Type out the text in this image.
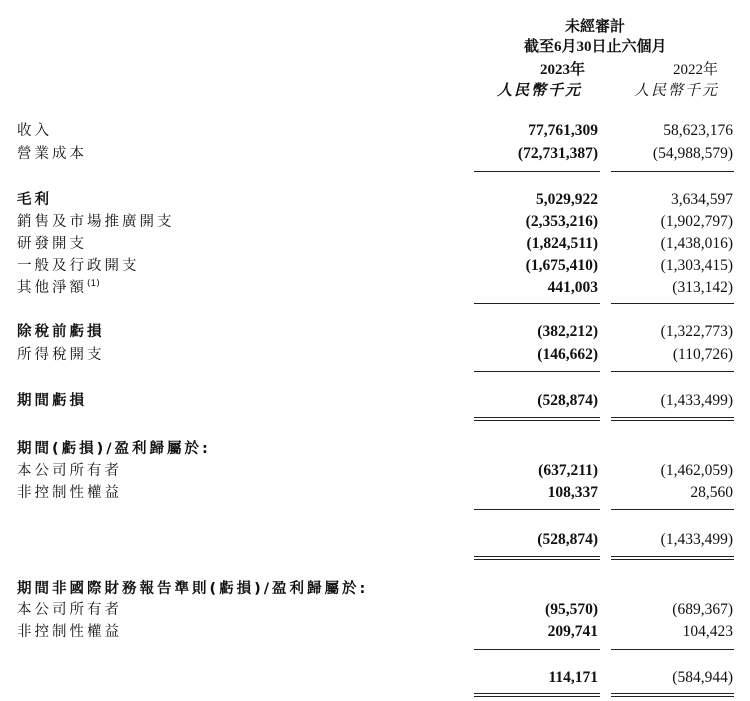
未經審計
截至6月30日止六個月
2023年	2022年
人民幣千元	人民幣千元
收入	77,761,309	58,623,176
營業成本	(72,731,387)	(54,988,579)
毛利	5,029,922	3,634,597
銷售及市場推廣開支	(2,353,216)	(1,902,797)
研發開支	(1,824,511)	(1,438,016)
一般及行政開支	(1,675,410)	(1,303,415)
其他淨額$^{(1)}$	441,003	(313,142)
除稅前虧損	(382,212)	(1,322,773)
所得稅開支	(146,662)	(110,726)
期間虧損	(528,874)	(1,433,499)
期間(虧損)/盈利歸屬於:
本公司所有者	(637,211)	(1,462,059)
非控制性權益	108,337	28,560
(528,874)	(1,433,499)
期間非國際財務報告準則(虧損)/盈利歸屬於:
本公司所有者	(95,570)	(689,367)
非控制性權益	209,741	104,423
114,171	(584,944)
